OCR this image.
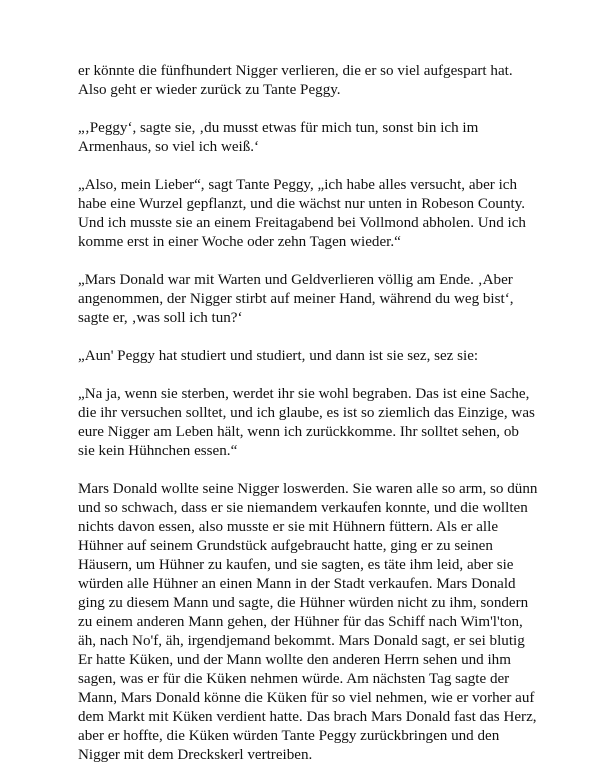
er könnte die fünfhundert Nigger verlieren, die er so viel aufgespart hat. Also geht er wieder zurück zu Tante Peggy.

„‚Peggy‘, sagte sie, ‚du musst etwas für mich tun, sonst bin ich im Armenhaus, so viel ich weiß.‘

„Also, mein Lieber“, sagt Tante Peggy, „ich habe alles versucht, aber ich habe eine Wurzel gepflanzt, und die wächst nur unten in Robeson County. Und ich musste sie an einem Freitagabend bei Vollmond abholen. Und ich komme erst in einer Woche oder zehn Tagen wieder.“

„Mars Donald war mit Warten und Geldverlieren völlig am Ende. ‚Aber angenommen, der Nigger stirbt auf meiner Hand, während du weg bist‘, sagte er, ‚was soll ich tun?‘

„Aun' Peggy hat studiert und studiert, und dann ist sie sez, sez sie:

„Na ja, wenn sie sterben, werdet ihr sie wohl begraben. Das ist eine Sache, die ihr versuchen solltet, und ich glaube, es ist so ziemlich das Einzige, was eure Nigger am Leben hält, wenn ich zurückkomme. Ihr solltet sehen, ob sie kein Hühnchen essen.“

Mars Donald wollte seine Nigger loswerden. Sie waren alle so arm, so dünn und so schwach, dass er sie niemandem verkaufen konnte, und die wollten nichts davon essen, also musste er sie mit Hühnern füttern. Als er alle Hühner auf seinem Grundstück aufgebraucht hatte, ging er zu seinen Häusern, um Hühner zu kaufen, und sie sagten, es täte ihm leid, aber sie würden alle Hühner an einen Mann in der Stadt verkaufen. Mars Donald ging zu diesem Mann und sagte, die Hühner würden nicht zu ihm, sondern zu einem anderen Mann gehen, der Hühner für das Schiff nach Wim'l'ton, äh, nach No'f, äh, irgendjemand bekommt. Mars Donald sagt, er sei blutig Er hatte Küken, und der Mann wollte den anderen Herrn sehen und ihm sagen, was er für die Küken nehmen würde. Am nächsten Tag sagte der Mann, Mars Donald könne die Küken für so viel nehmen, wie er vorher auf dem Markt mit Küken verdient hatte. Das brach Mars Donald fast das Herz, aber er hoffte, die Küken würden Tante Peggy zurückbringen und den Nigger mit dem Dreckskerl vertreiben.
